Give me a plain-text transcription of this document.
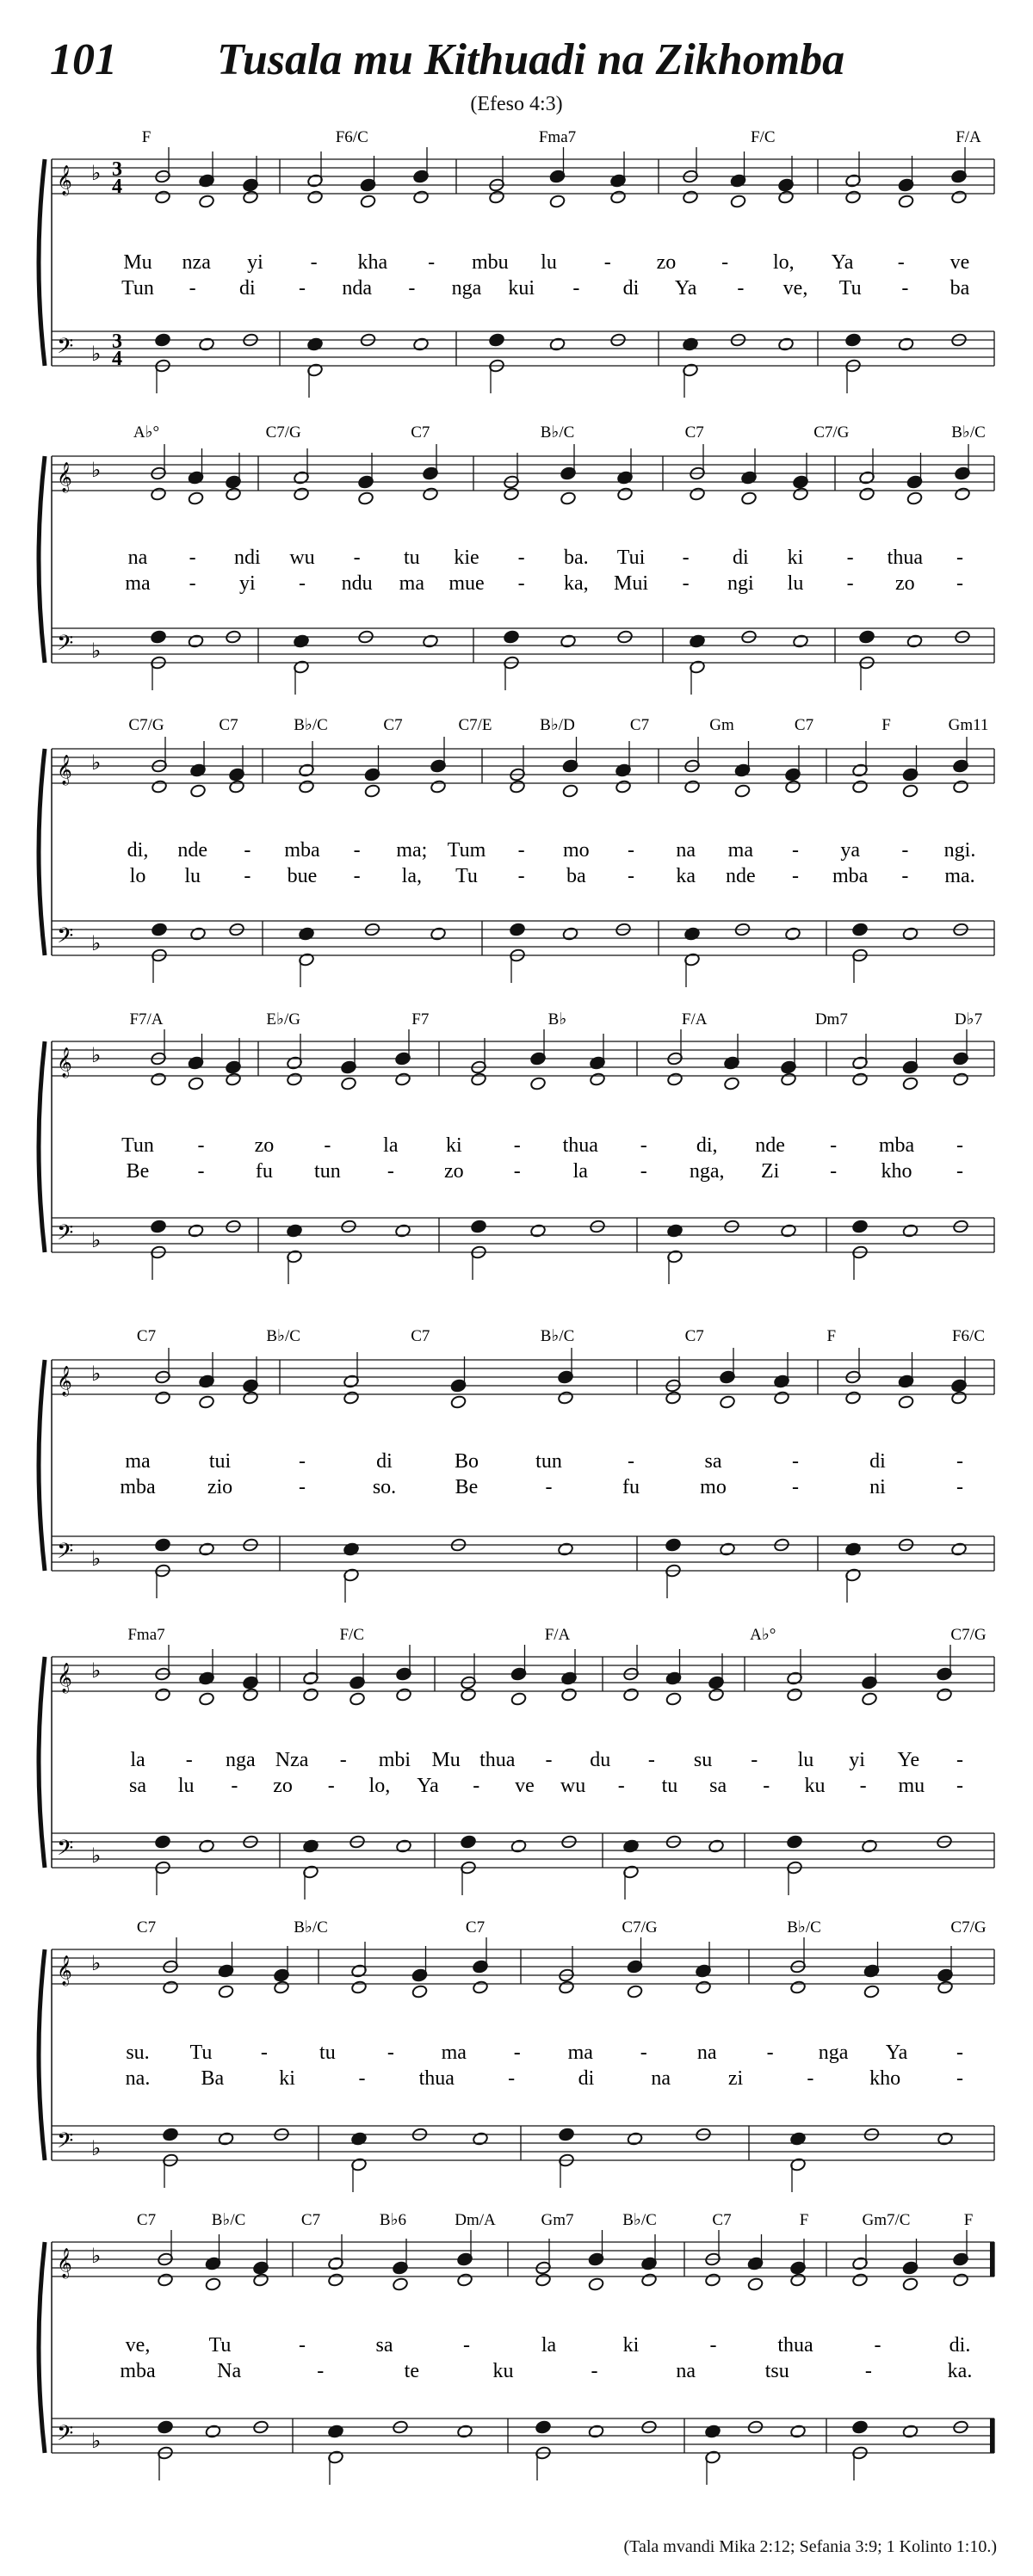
101 Tusala mu Kithuadi na Zikhomba
(Efeso 4:3)
𝄞
𝄢
♭
♭
F	F6/C	Fma7	F/C	F/A
Mu nza yi - kha - mbu lu - zo - lo, Ya - ve
Tun - di - nda - nga kui - di Ya - ve, Tu - ba
𝄞
𝄢
♭
♭
A♭°	C7/G	C7	B♭/C	C7	C7/G	B♭/C
na - ndi wu - tu kie - ba. Tui - di ki - thua -
ma - yi - ndu ma mue - ka, Mui - ngi lu - zo -
𝄞
𝄢
♭
♭
C7/G	C7	B♭/C	C7	C7/E	B♭/D	C7	Gm	C7	F	Gm11
di, nde - mba - ma; Tum - mo - na ma - ya - ngi.
lo lu - bue - la, Tu - ba - ka nde - mba - ma.
𝄞
𝄢
♭
♭
F7/A	E♭/G	F7	B♭	F/A	Dm7	D♭7
Tun - zo -	la ki	- thua - di, nde - mba -
Be - fu tun - zo -	la	- nga, Zi - kho -
𝄞
𝄢
♭
♭
C7	B♭/C	C7	B♭/C	C7	F	F6/C
ma	tui	-	di	Bo	tun	-	sa	-	di	-
mba	zio	-	so.	Be	-	fu	mo	-	ni	-
𝄞
𝄢
♭
♭
Fma7	F/C	F/A	A♭°	C7/G
la - nga Nza - mbi Mu thua - du - su - lu yi Ye -
sa lu - zo - lo, Ya - ve wu - tu sa - ku - mu -
𝄞
𝄢
♭
♭
C7	B♭/C	C7	C7/G	B♭/C	C7/G
su. Tu -	tu	- ma - ma - na - nga Ya -
na. Ba	ki	-	thua	-	di	na	zi	-	kho	-
𝄞
𝄢
♭
♭
C7	B♭/C	C7	B♭6	Dm/A	Gm7	B♭/C	C7	F	Gm7/C	F
ve,	Tu	-	sa	-	la	ki	-	thua	-	di.
mba	Na	-	te	ku	-	na	tsu	-	ka.
3
4
3
4
(Tala mvandi Mika 2:12; Sefania 3:9; 1 Kolinto 1:10.)
